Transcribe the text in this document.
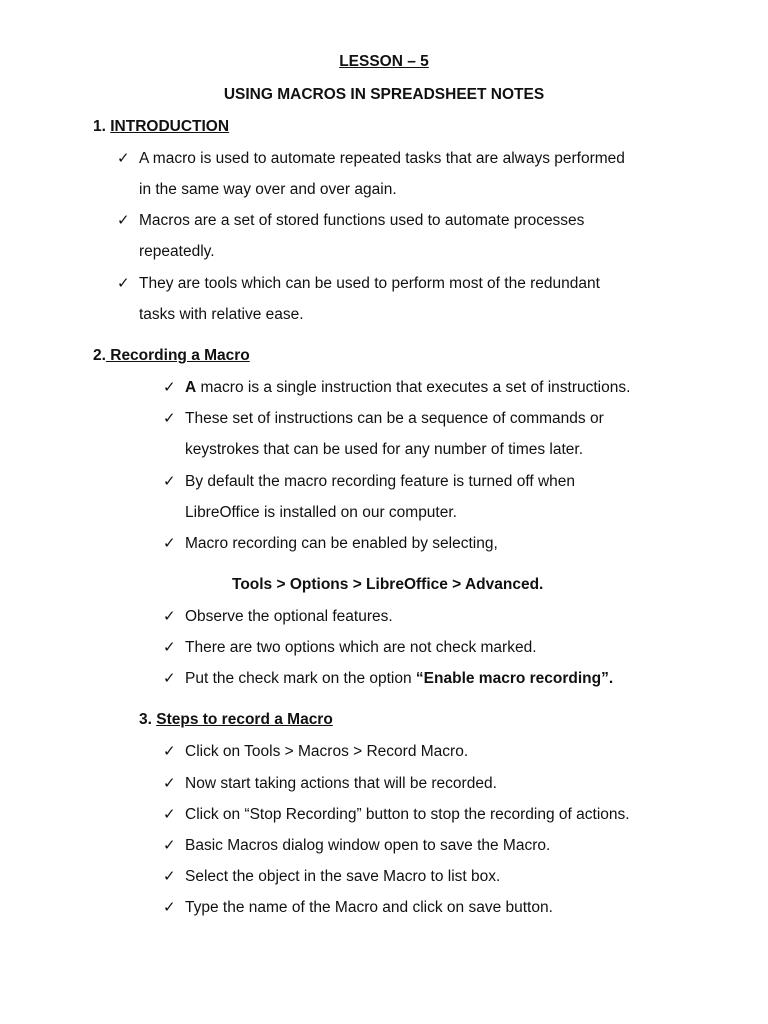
LESSON – 5
USING MACROS IN SPREADSHEET NOTES
1. INTRODUCTION
✓ A macro is used to automate repeated tasks that are always performed
in the same way over and over again.
✓ Macros are a set of stored functions used to automate processes
repeatedly.
✓ They are tools which can be used to perform most of the redundant
tasks with relative ease.
2. Recording a Macro
✓ A macro is a single instruction that executes a set of instructions.
✓ These set of instructions can be a sequence of commands or
keystrokes that can be used for any number of times later.
✓ By default the macro recording feature is turned off when
LibreOffice is installed on our computer.
✓ Macro recording can be enabled by selecting,
Tools > Options > LibreOffice > Advanced.
✓ Observe the optional features.
✓ There are two options which are not check marked.
✓ Put the check mark on the option “Enable macro recording”.
3. Steps to record a Macro
✓ Click on Tools > Macros > Record Macro.
✓ Now start taking actions that will be recorded.
✓ Click on “Stop Recording” button to stop the recording of actions.
✓ Basic Macros dialog window open to save the Macro.
✓ Select the object in the save Macro to list box.
✓ Type the name of the Macro and click on save button.
